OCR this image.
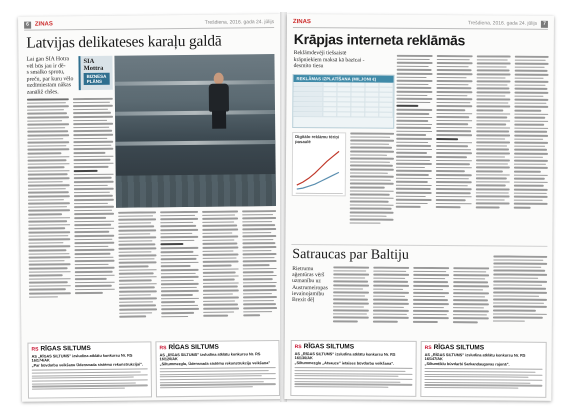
6 ZINAS	Trešdiena, 2016. gada 24. jūlijs
Latvijas delikateses karaļu galdā
Lai gan SIA Hotra vēl būs jau ir dē-
s smalko sprotu,
preču, par kuru vēlo
uzdīmiestam nākas
zanāliž chšes.
SIA Mottra
BIZNESA PLĀNS
RS RĪGAS SILTUMS
AS „RĪGAS SILTUMS” izsludina atklātu konkursu Nr. RS 16/174/AK
„Par būvdarbu veikšanu Ūdensvada sistēmu rekonstrukcijai”.
RS RĪGAS SILTUMS
AS „RĪGAS SILTUMS” izsludina atklātu konkursu Nr. RS 16/120/AK
„Siltummezglu, Ūdensvada sistēmu rekonstrukciju veikšana”
ZINAS	Trešdiena, 2016. gada 24. jūlijs	7
Krāpjas interneta reklāmās
Reklāmdevēji tiešsaistē
krāpniekiem maksā kā bazīcai -
desmito tiesu
REKLĀMAS IZPLATĪŠANA (MILJONI €)
Digitālo reklāmu tēriņi pasaulē
Satraucas par Baltiju
Rietrumu
aģentūras vērš
uzmanību uz
Austrumeiropas
ievainojamību
Brexit dēļ
RS RĪGAS SILTUMS
AS „RĪGAS SILTUMS” izsludina atklātu konkursu Nr. RS 16/130/AK
„Siltummezglu „Atsauce” ietaises būvdarbu veikšana”.
RS RĪGAS SILTUMS
AS „RĪGAS SILTUMS” izsludina atklātu konkursu Nr. RS 16/147/AK
„Siltumtīklu būvdarbi Sarkandaugavas rajonā”.
